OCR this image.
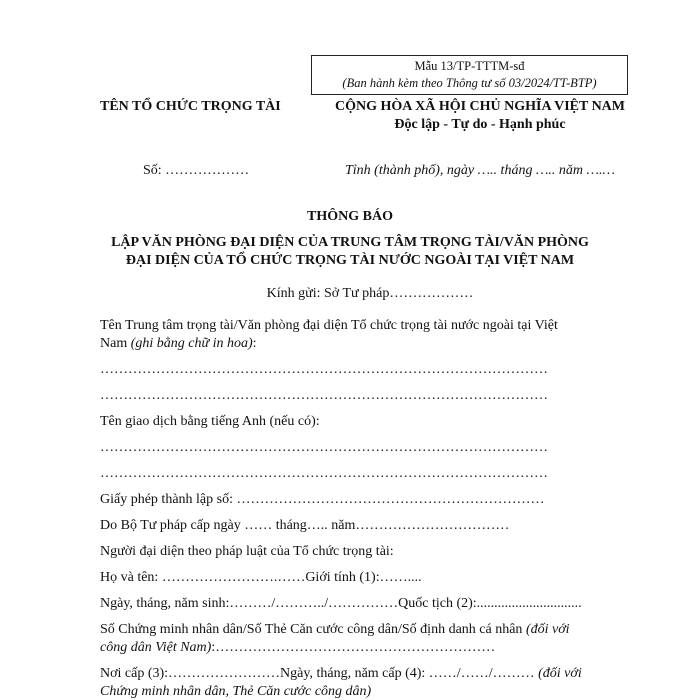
Mẫu 13/TP-TTTM-sđ
(Ban hành kèm theo Thông tư số 03/2024/TT-BTP)
TÊN TỔ CHỨC TRỌNG TÀI	CỘNG HÒA XÃ HỘI CHỦ NGHĨA VIỆT NAM
Độc lập - Tự do - Hạnh phúc
Số: ………………	Tỉnh (thành phố), ngày ….. tháng ….. năm ….…
THÔNG BÁO
LẬP VĂN PHÒNG ĐẠI DIỆN CỦA TRUNG TÂM TRỌNG TÀI/VĂN PHÒNG
ĐẠI DIỆN CỦA TỔ CHỨC TRỌNG TÀI NƯỚC NGOÀI TẠI VIỆT NAM
Kính gửi: Sở Tư pháp………………
Tên Trung tâm trọng tài/Văn phòng đại diện Tổ chức trọng tài nước ngoài tại Việt
Nam (ghi bằng chữ in hoa):
……………………………………………………………………………………
……………………………………………………………………………………
Tên giao dịch bằng tiếng Anh (nếu có):
……………………………………………………………………………………
……………………………………………………………………………………
Giấy phép thành lập số: …………………………………………………………
Do Bộ Tư pháp cấp ngày …… tháng….. năm……………………………
Người đại diện theo pháp luật của Tổ chức trọng tài:
Họ và tên: …………………….……Giới tính (1):……....
Ngày, tháng, năm sinh:………/………../……………Quốc tịch (2):..............................
Số Chứng minh nhân dân/Số Thẻ Căn cước công dân/Số định danh cá nhân (đối với
công dân Việt Nam):……………………………………………………
Nơi cấp (3):……………………Ngày, tháng, năm cấp (4): ……/……/……… (đối với
Chứng minh nhân dân, Thẻ Căn cước công dân)
